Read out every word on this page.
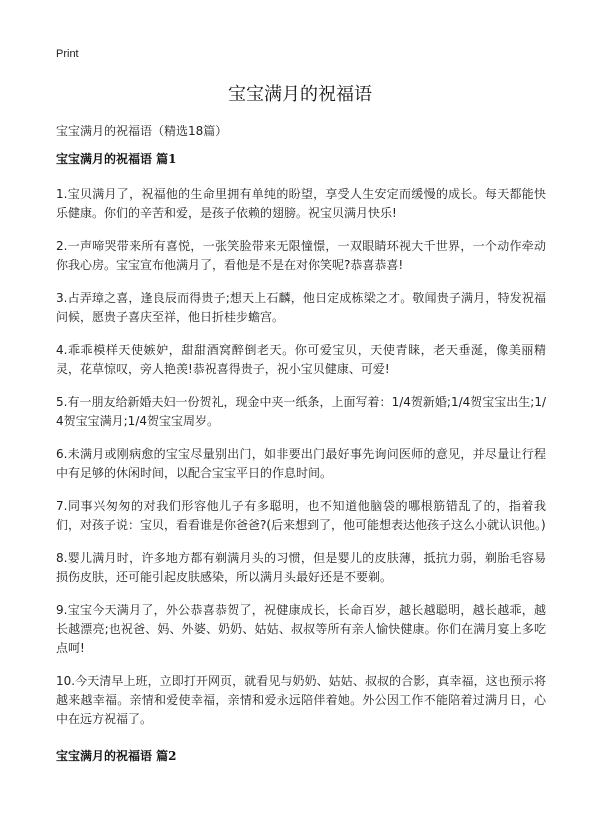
Print
宝宝满月的祝福语
宝宝满月的祝福语（精选18篇）
宝宝满月的祝福语 篇1

1.宝贝满月了，祝福他的生命里拥有单纯的盼望，享受人生安定而缓慢的成长。每天都能快乐健康。你们的辛苦和爱，是孩子依赖的翅膀。祝宝贝满月快乐!

2.一声啼哭带来所有喜悦，一张笑脸带来无限憧憬，一双眼睛环视大千世界，一个动作牵动你我心房。宝宝宣布他满月了，看他是不是在对你笑呢?恭喜恭喜!

3.占弄璋之喜，逢良辰而得贵子;想天上石麟，他日定成栋梁之才。敬闻贵子满月，特发祝福问候，愿贵子喜庆至祥，他日折桂步蟾宫。

4.乖乖模样天使嫉妒，甜甜酒窝醉倒老天。你可爱宝贝，天使青睐，老天垂涎，像美丽精灵，花草惊叹，旁人艳羡!恭祝喜得贵子，祝小宝贝健康、可爱!

5.有一朋友给新婚夫妇一份贺礼，现金中夹一纸条，上面写着：1/4贺新婚;1/4贺宝宝出生;1/4贺宝宝满月;1/4贺宝宝周岁。

6.未满月或刚病愈的宝宝尽量别出门，如非要出门最好事先询问医师的意见，并尽量让行程中有足够的休闲时间，以配合宝宝平日的作息时间。

7.同事兴匆匆的对我们形容他儿子有多聪明，也不知道他脑袋的哪根筋错乱了的，指着我们，对孩子说：宝贝，看看谁是你爸爸?(后来想到了，他可能想表达他孩子这么小就认识他。)

8.婴儿满月时，许多地方都有剃满月头的习惯，但是婴儿的皮肤薄，抵抗力弱，剃胎毛容易损伤皮肤，还可能引起皮肤感染，所以满月头最好还是不要剃。

9.宝宝今天满月了，外公恭喜恭贺了，祝健康成长，长命百岁，越长越聪明，越长越乖，越长越漂亮;也祝爸、妈、外婆、奶奶、姑姑、叔叔等所有亲人愉快健康。你们在满月宴上多吃点呵!

10.今天清早上班，立即打开网页，就看见与奶奶、姑姑、叔叔的合影，真幸福，这也预示将越来越幸福。亲情和爱使幸福，亲情和爱永远陪伴着她。外公因工作不能陪着过满月日，心中在远方祝福了。

宝宝满月的祝福语 篇2
